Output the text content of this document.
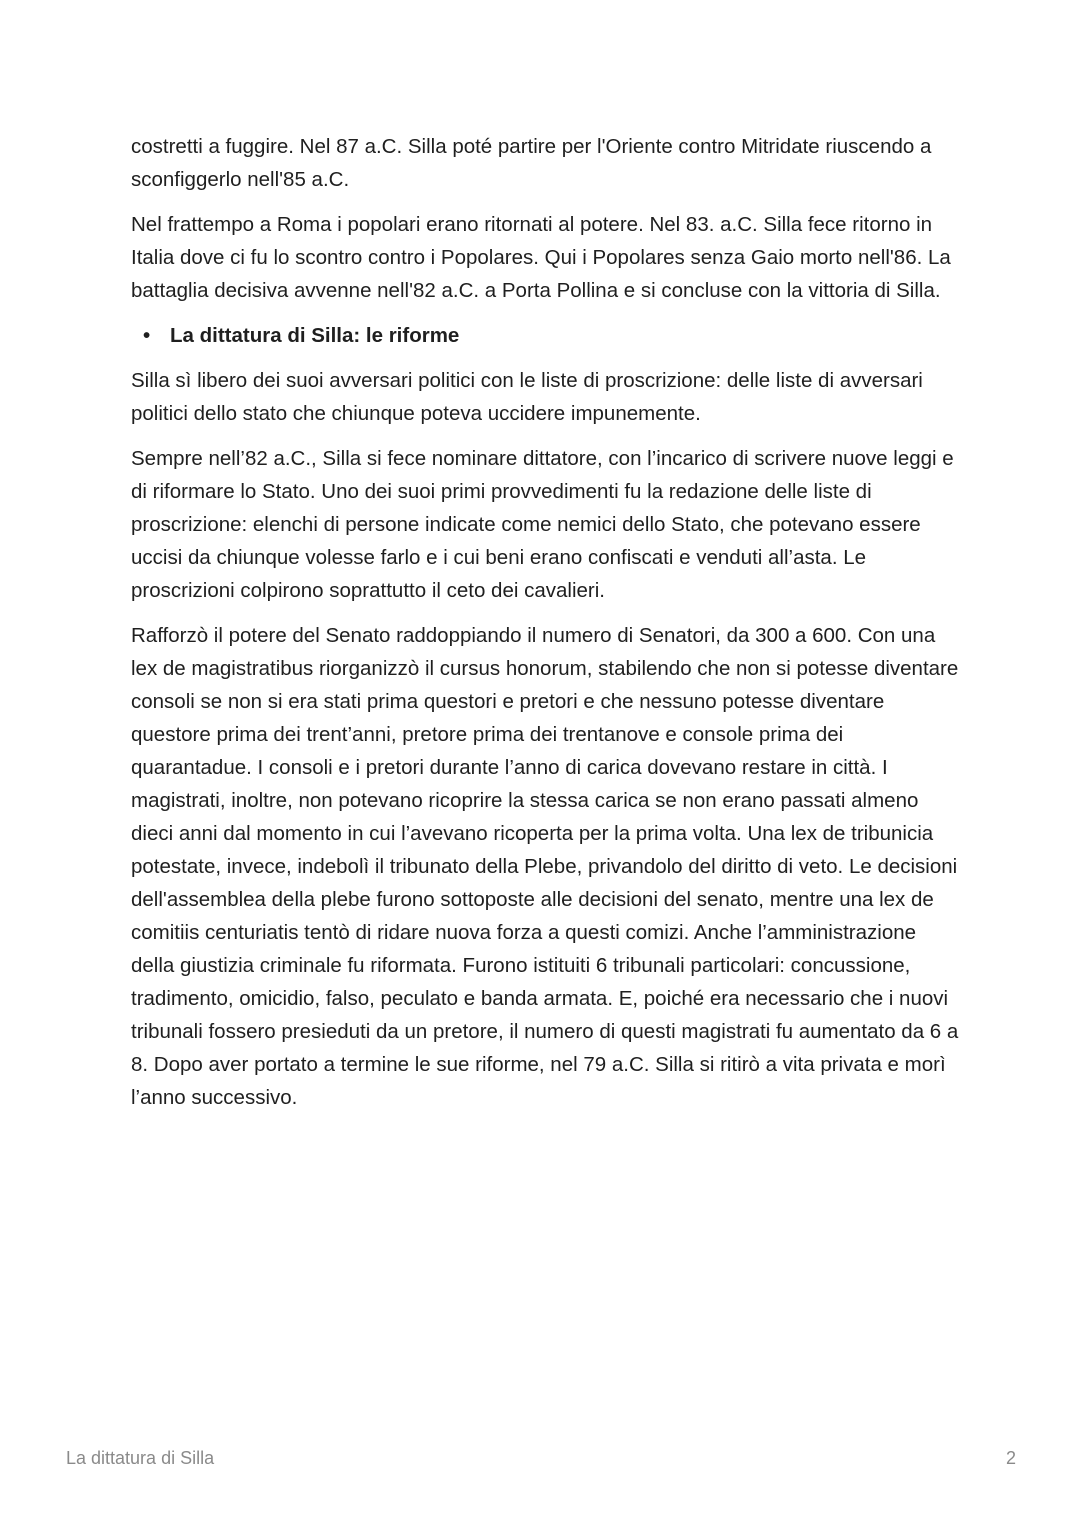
costretti a fuggire. Nel 87 a.C. Silla poté partire per l'Oriente contro Mitridate riuscendo a sconfiggerlo nell'85 a.C.

Nel frattempo a Roma i popolari erano ritornati al potere. Nel 83. a.C. Silla fece ritorno in Italia dove ci fu lo scontro contro i Popolares. Qui i Popolares senza Gaio morto nell'86. La battaglia decisiva avvenne nell'82 a.C. a Porta Pollina e si concluse con la vittoria di Silla.

• La dittatura di Silla: le riforme

Silla sì libero dei suoi avversari politici con le liste di proscrizione: delle liste di avversari politici dello stato che chiunque poteva uccidere impunemente.

Sempre nell’82 a.C., Silla si fece nominare dittatore, con l’incarico di scrivere nuove leggi e di riformare lo Stato. Uno dei suoi primi provvedimenti fu la redazione delle liste di proscrizione: elenchi di persone indicate come nemici dello Stato, che potevano essere uccisi da chiunque volesse farlo e i cui beni erano confiscati e venduti all’asta. Le proscrizioni colpirono soprattutto il ceto dei cavalieri.

Rafforzò il potere del Senato raddoppiando il numero di Senatori, da 300 a 600. Con una lex de magistratibus riorganizzò il cursus honorum, stabilendo che non si potesse diventare consoli se non si era stati prima questori e pretori e che nessuno potesse diventare questore prima dei trent’anni, pretore prima dei trentanove e console prima dei quarantadue. I consoli e i pretori durante l’anno di carica dovevano restare in città. I magistrati, inoltre, non potevano ricoprire la stessa carica se non erano passati almeno dieci anni dal momento in cui l’avevano ricoperta per la prima volta. Una lex de tribunicia potestate, invece, indebolì il tribunato della Plebe, privandolo del diritto di veto. Le decisioni dell'assemblea della plebe furono sottoposte alle decisioni del senato, mentre una lex de comitiis centuriatis tentò di ridare nuova forza a questi comizi. Anche l’amministrazione della giustizia criminale fu riformata. Furono istituiti 6 tribunali particolari: concussione, tradimento, omicidio, falso, peculato e banda armata. E, poiché era necessario che i nuovi tribunali fossero presieduti da un pretore, il numero di questi magistrati fu aumentato da 6 a 8. Dopo aver portato a termine le sue riforme, nel 79 a.C. Silla si ritirò a vita privata e morì l’anno successivo.

La dittatura di Silla	2
